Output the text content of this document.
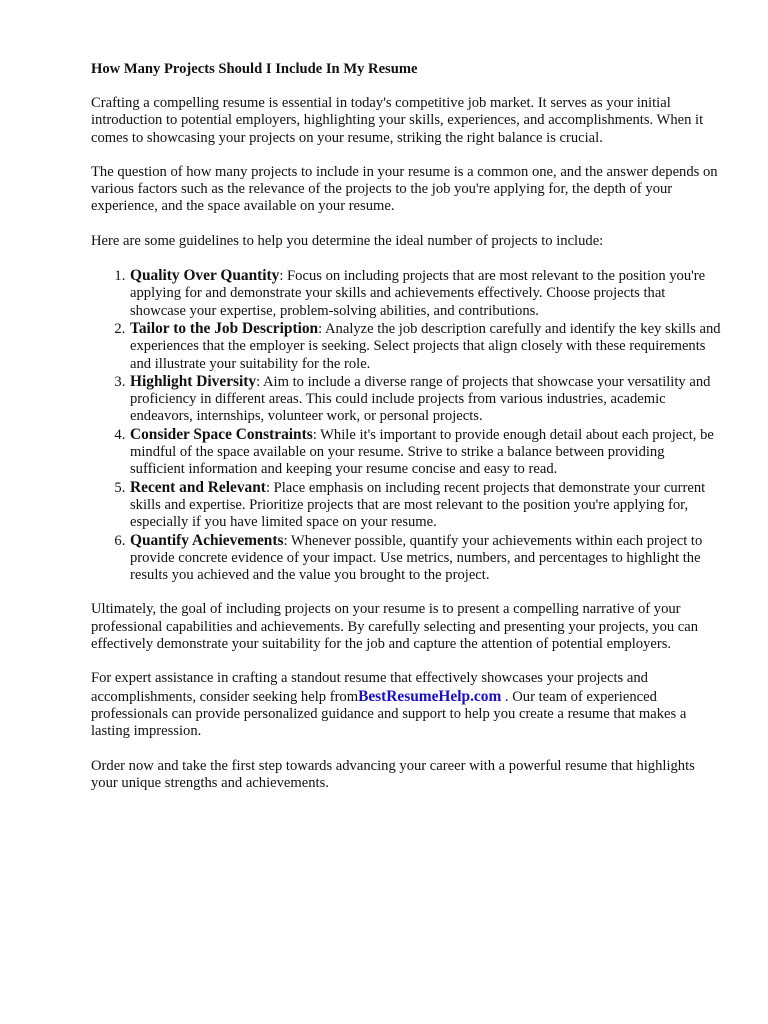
How Many Projects Should I Include In My Resume

Crafting a compelling resume is essential in today's competitive job market. It serves as your initial introduction to potential employers, highlighting your skills, experiences, and accomplishments. When it comes to showcasing your projects on your resume, striking the right balance is crucial.

The question of how many projects to include in your resume is a common one, and the answer depends on various factors such as the relevance of the projects to the job you're applying for, the depth of your experience, and the space available on your resume.

Here are some guidelines to help you determine the ideal number of projects to include:

1. Quality Over Quantity: Focus on including projects that are most relevant to the position you're applying for and demonstrate your skills and achievements effectively. Choose projects that showcase your expertise, problem-solving abilities, and contributions.
2. Tailor to the Job Description: Analyze the job description carefully and identify the key skills and experiences that the employer is seeking. Select projects that align closely with these requirements and illustrate your suitability for the role.
3. Highlight Diversity: Aim to include a diverse range of projects that showcase your versatility and proficiency in different areas. This could include projects from various industries, academic endeavors, internships, volunteer work, or personal projects.
4. Consider Space Constraints: While it's important to provide enough detail about each project, be mindful of the space available on your resume. Strive to strike a balance between providing sufficient information and keeping your resume concise and easy to read.
5. Recent and Relevant: Place emphasis on including recent projects that demonstrate your current skills and expertise. Prioritize projects that are most relevant to the position you're applying for, especially if you have limited space on your resume.
6. Quantify Achievements: Whenever possible, quantify your achievements within each project to provide concrete evidence of your impact. Use metrics, numbers, and percentages to highlight the results you achieved and the value you brought to the project.

Ultimately, the goal of including projects on your resume is to present a compelling narrative of your professional capabilities and achievements. By carefully selecting and presenting your projects, you can effectively demonstrate your suitability for the job and capture the attention of potential employers.

For expert assistance in crafting a standout resume that effectively showcases your projects and accomplishments, consider seeking help fromBestResumeHelp.com . Our team of experienced professionals can provide personalized guidance and support to help you create a resume that makes a lasting impression.

Order now and take the first step towards advancing your career with a powerful resume that highlights your unique strengths and achievements.
